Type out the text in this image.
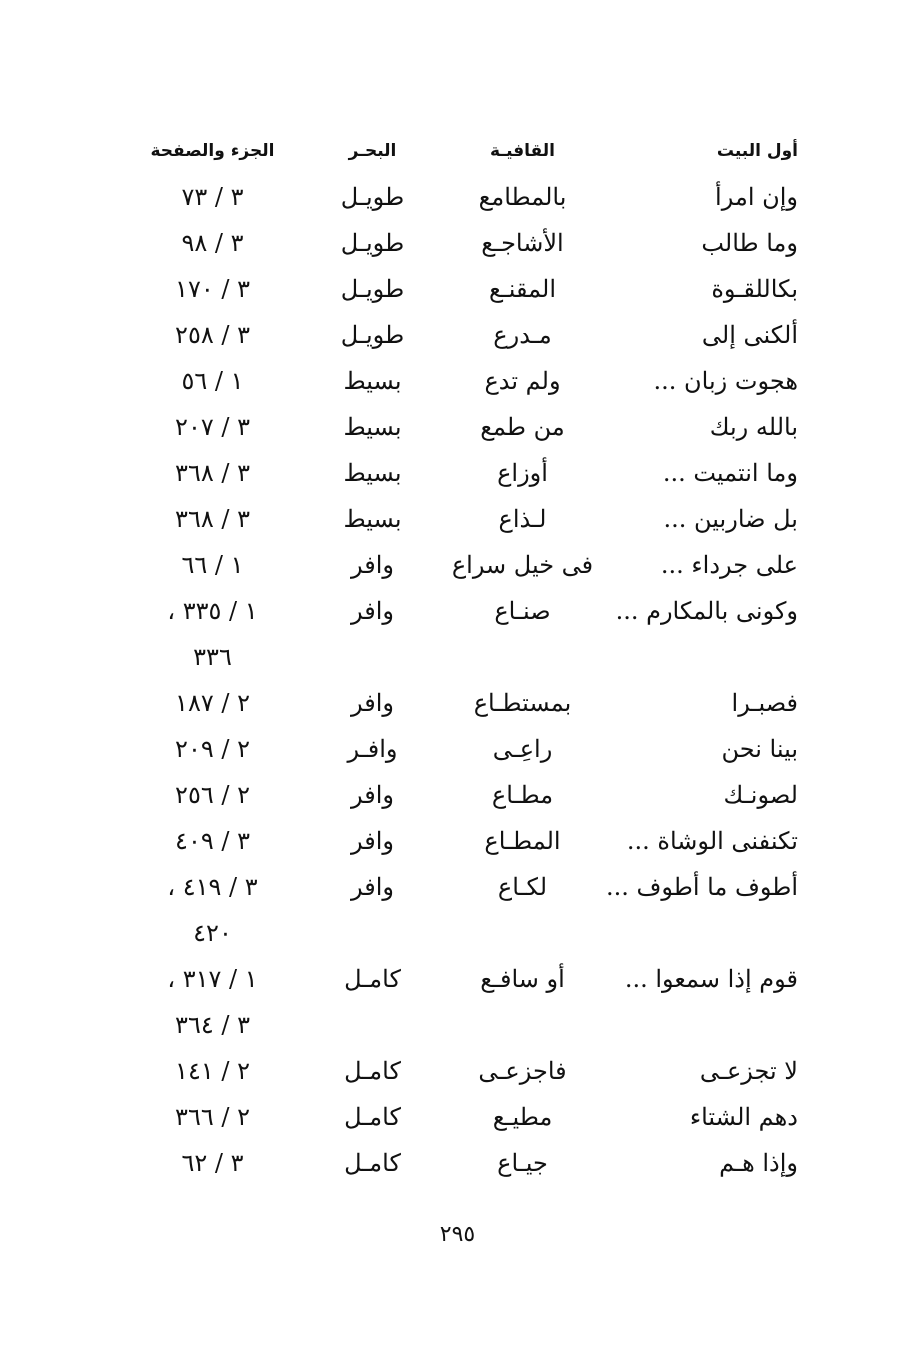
أول البيت	القافيـة	البحـر	الجزء والصفحة
وإن امرأ	بالمطامع	طويـل	٣ / ٧٣
وما طالب	الأشاجـع	طويـل	٣ / ٩٨
بكاللقـوة	المقنـع	طويـل	٣ / ١٧٠
ألكنى إلى	مـدرع	طويـل	٣ / ٢٥٨
هجوت زبان ...	ولم تدع	بسيط	١ / ٥٦
بالله ربك	من طمع	بسيط	٣ / ٢٠٧
وما انتميت ...	أوزاع	بسيط	٣ / ٣٦٨
بل ضاربين ...	لـذاع	بسيط	٣ / ٣٦٨
على جرداء ...	فى خيل سراع	وافر	١ / ٦٦
وكونى بالمكارم ...	صنـاع	وافر	١ / ٣٣٥ ،
٣٣٦

فصبـرا	بمستطـاع	وافر	٢ / ١٨٧
بينا نحن	راعِـى	وافـر	٢ / ٢٠٩
لصونـك	مطـاع	وافر	٢ / ٢٥٦
تكنفنى الوشاة ...	المطـاع	وافر	٣ / ٤٠٩
أطوف ما أطوف ...	لكـاع	وافر	٣ / ٤١٩ ،
٤٢٠

قوم إذا سمعوا ...	أو سافـع	كامـل	١ / ٣١٧ ،
٣ / ٣٦٤

لا تجزعـى	فاجزعـى	كامـل	٢ / ١٤١
دهم الشتاء	مطيـع	كامـل	٢ / ٣٦٦
وإذا هـم	جيـاع	كامـل	٣ / ٦٢
٢٩٥
